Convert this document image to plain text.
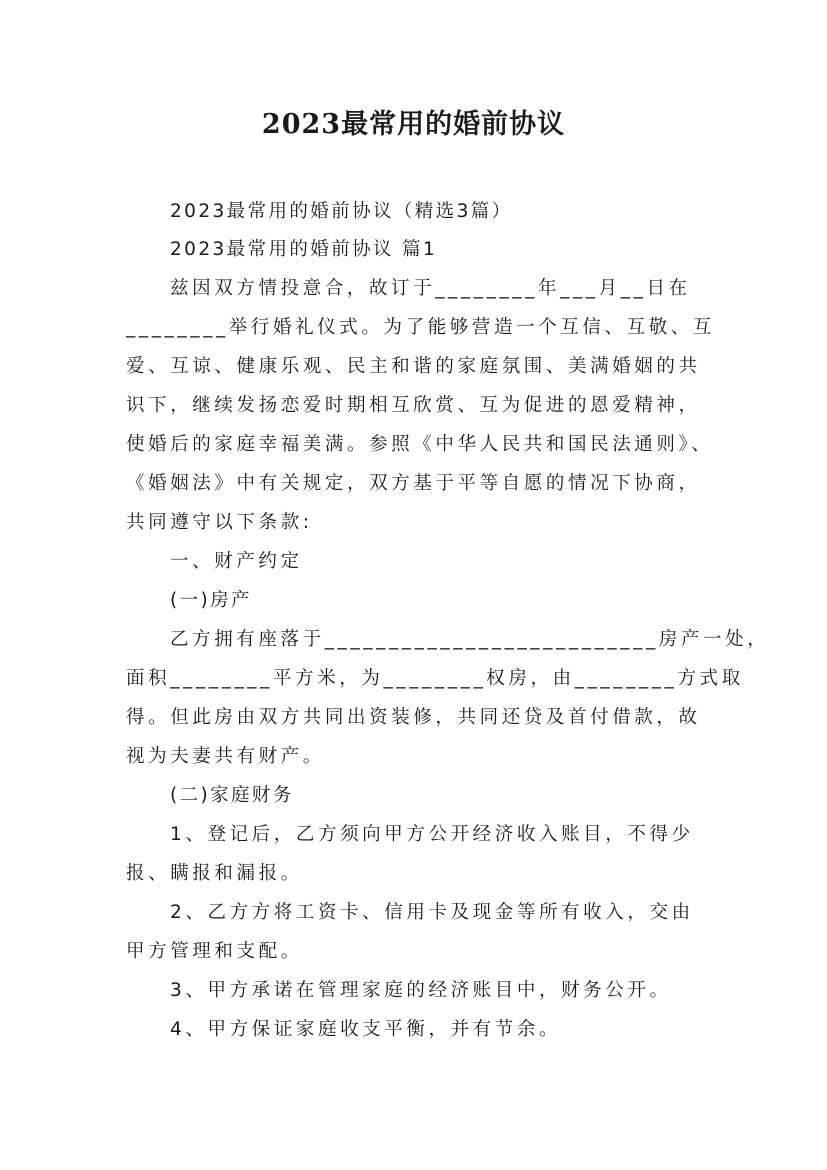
2023最常用的婚前协议
2023最常用的婚前协议（精选3篇）
2023最常用的婚前协议 篇1
兹因双方情投意合，故订于________年___月__日在
________举行婚礼仪式。为了能够营造一个互信、互敬、互
爱、互谅、健康乐观、民主和谐的家庭氛围、美满婚姻的共
识下，继续发扬恋爱时期相互欣赏、互为促进的恩爱精神，
使婚后的家庭幸福美满。参照《中华人民共和国民法通则》、
《婚姻法》中有关规定，双方基于平等自愿的情况下协商，
共同遵守以下条款:
一、财产约定
(一)房产
乙方拥有座落于__________________________房产一处，
面积________平方米，为________权房，由________方式取
得。但此房由双方共同出资装修，共同还贷及首付借款，故
视为夫妻共有财产。
(二)家庭财务
1、登记后，乙方须向甲方公开经济收入账目，不得少
报、瞒报和漏报。
2、乙方方将工资卡、信用卡及现金等所有收入，交由
甲方管理和支配。
3、甲方承诺在管理家庭的经济账目中，财务公开。
4、甲方保证家庭收支平衡，并有节余。
